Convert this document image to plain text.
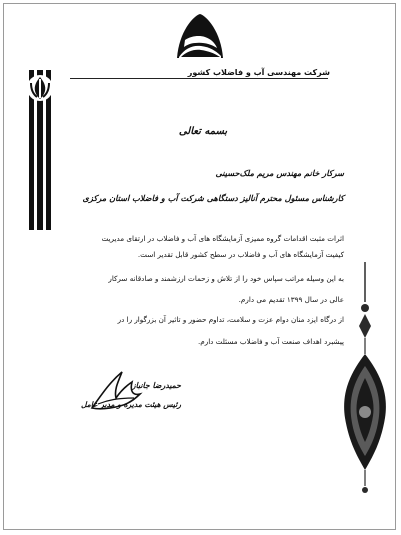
شرکت مهندسی آب و فاضلاب کشور
بسمه تعالی
سرکار خانم مهندس مریم ملک‌حسینی
کارشناس مسئول محترم آنالیز دستگاهی شرکت آب و فاضلاب استان مرکزی
اثرات مثبت اقدامات گروه ممیزی آزمایشگاه های آب و فاضلاب در ارتقای مدیریت
کیفیت آزمایشگاه های آب و فاضلاب در سطح کشور قابل تقدیر است.
به این وسیله مراتب سپاس خود را از تلاش و زحمات ارزشمند و صادقانه سرکار
عالی در سال ۱۳۹۹ تقدیم می دارم.
از درگاه ایزد منان دوام عزت و سلامت، تداوم حضور و تاثیر آن بزرگوار را در
پیشبرد اهداف صنعت آب و فاضلاب مسئلت دارم.
حمیدرضا جانباز
رئیس هیئت مدیره و مدیر عامل
